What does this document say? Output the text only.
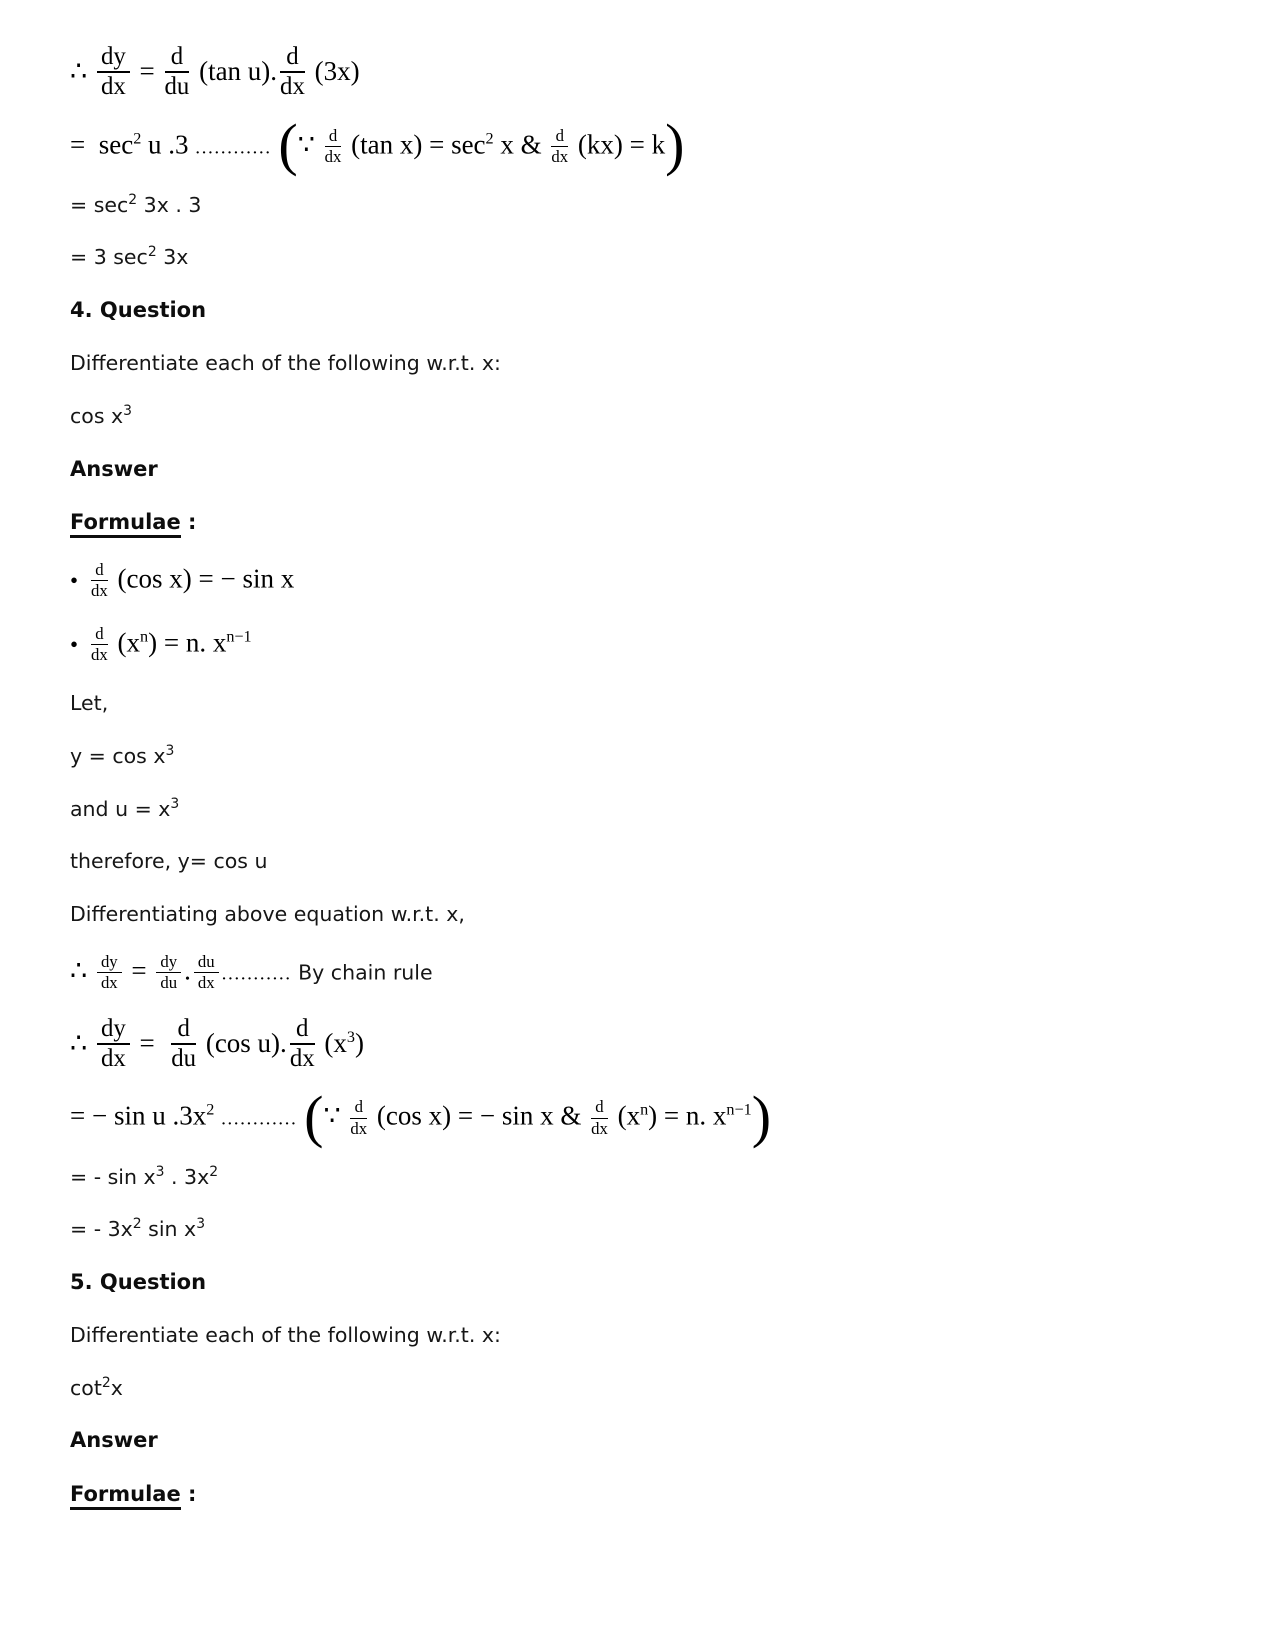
∴ $\frac{dy}{dx} = \frac{d}{du} (\tan$ u). $\frac{d}{dx} (3x)$
=  $\sec^2 u$ .3 ............ (∵ $\frac{d}{dx} (\tan$ $x) = \sec^2 x$ & $\frac{d}{dx} (kx) = k$)
= $\sec^2 3x$ . 3
= 3 $\sec^2 3x$
4. Question
Differentiate each of the following w.r.t. x:
$\cos x^3$
Answer
Formulae :
• $\frac{d}{dx} (\cos$ x) = − sin x
• $\frac{d}{dx} (x^n) = n$. $x^{n-1}$
Let,
$y = \cos x^3$
and $u = x^3$
therefore, y= cos u
Differentiating above equation w.r.t. x,
∴ $\frac{dy}{dx} = \frac{dy}{du}$ . $\frac{du}{dx}$ ........... By chain rule
∴ $\frac{dy}{dx} = \frac{d}{du} (\cos$ u). $\frac{d}{dx} (x^3)$
= − sin u $.3x^2$ ............ (∵ $\frac{d}{dx} (\cos$ x) = − sin x & $\frac{d}{dx} (x^n) = n$. $x^{n-1}$)
= - $\sin x^3$ . $3x^2$
= - $3x^2$ $\sin x^3$
5. Question
Differentiate each of the following w.r.t. x:
$\cot^2x$
Answer
Formulae :
